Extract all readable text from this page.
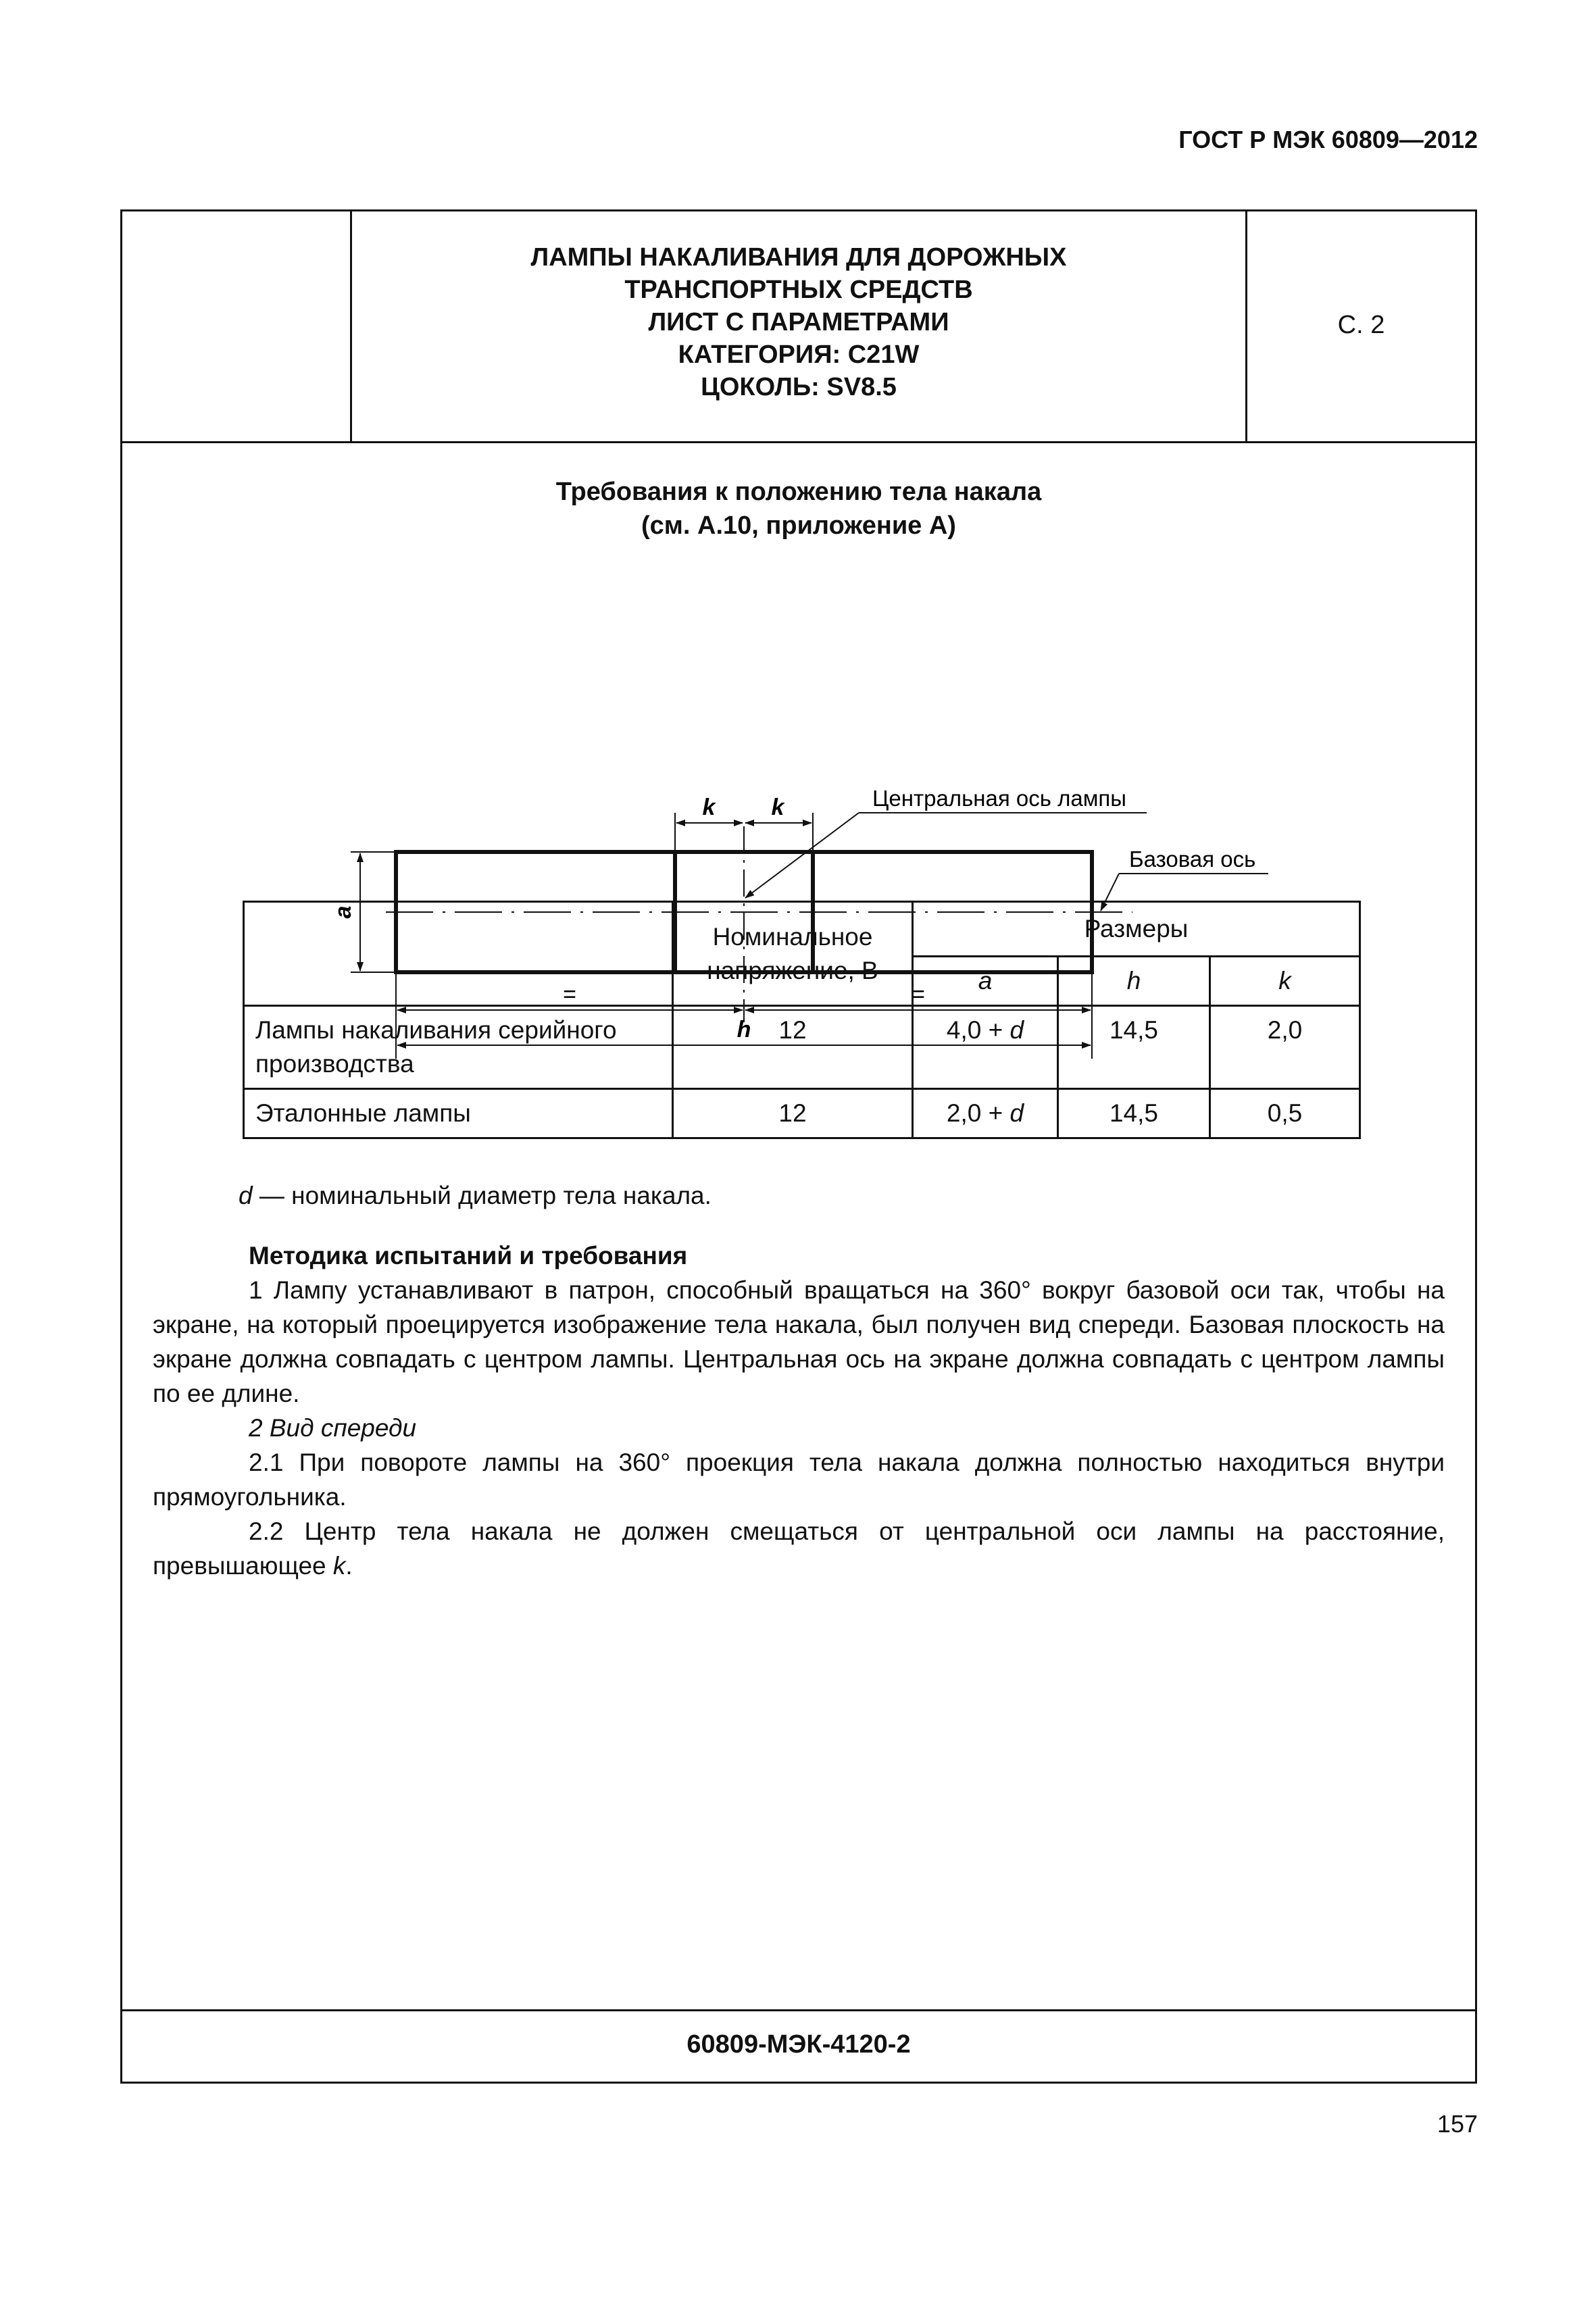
ГОСТ Р МЭК 60809—2012
ЛАМПЫ НАКАЛИВАНИЯ ДЛЯ ДОРОЖНЫХ
ТРАНСПОРТНЫХ СРЕДСТВ
ЛИСТ С ПАРАМЕТРАМИ
КАТЕГОРИЯ: C21W
ЦОКОЛЬ: SV8.5
С. 2
Требования к положению тела накала
(см. A.10, приложение А)
k k	Центральная ось лампы
Базовая ось
a
=	=
h
	Номинальное напряжение, В	Размеры		
		a	h	k
Лампы накаливания серийного производства	12	4,0 + d	14,5	2,0
Эталонные лампы	12	2,0 + d	14,5	0,5
d — номинальный диаметр тела накала.

Методика испытаний и требования

1 Лампу устанавливают в патрон, способный вращаться на 360° вокруг базовой оси так, чтобы на экране, на который проецируется изображение тела накала, был получен вид спереди. Базовая плоскость на экране должна совпадать с центром лампы. Центральная ось на экране должна совпадать с центром лампы по ее длине.

2 Вид спереди

2.1 При повороте лампы на 360° проекция тела накала должна полностью находиться внутри прямоугольника.

2.2 Центр тела накала не должен смещаться от центральной оси лампы на расстояние, превышающее k.

60809-МЭК-4120-2
157
